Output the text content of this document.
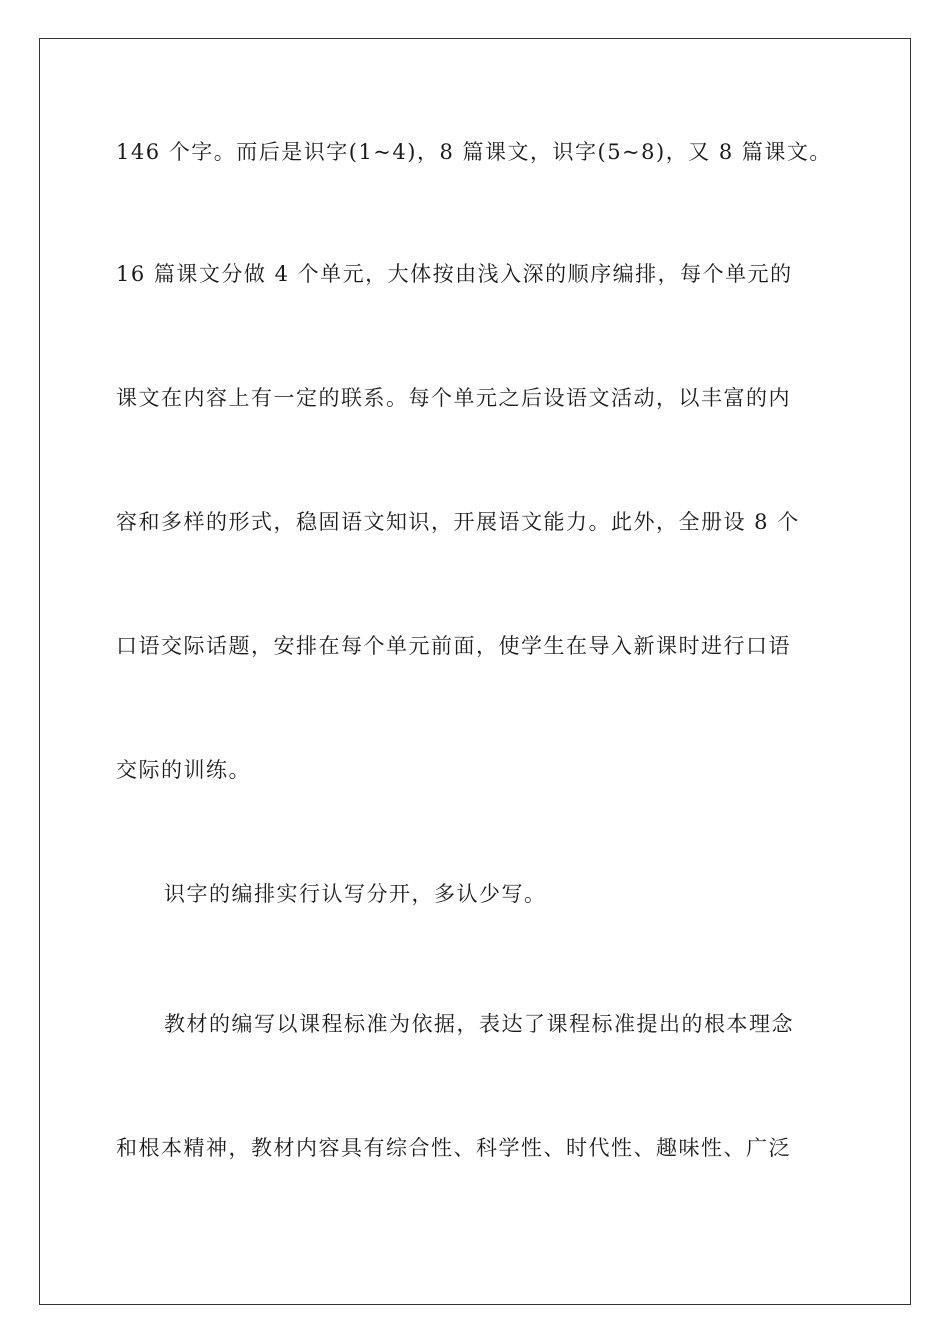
146 个字。而后是识字(1~4)，8 篇课文，识字(5~8)，又 8 篇课文。
16 篇课文分做 4 个单元，大体按由浅入深的顺序编排，每个单元的
课文在内容上有一定的联系。每个单元之后设语文活动，以丰富的内
容和多样的形式，稳固语文知识，开展语文能力。此外，全册设 8 个
口语交际话题，安排在每个单元前面，使学生在导入新课时进行口语
交际的训练。
识字的编排实行认写分开，多认少写。
教材的编写以课程标准为依据，表达了课程标准提出的根本理念
和根本精神，教材内容具有综合性、科学性、时代性、趣味性、广泛
